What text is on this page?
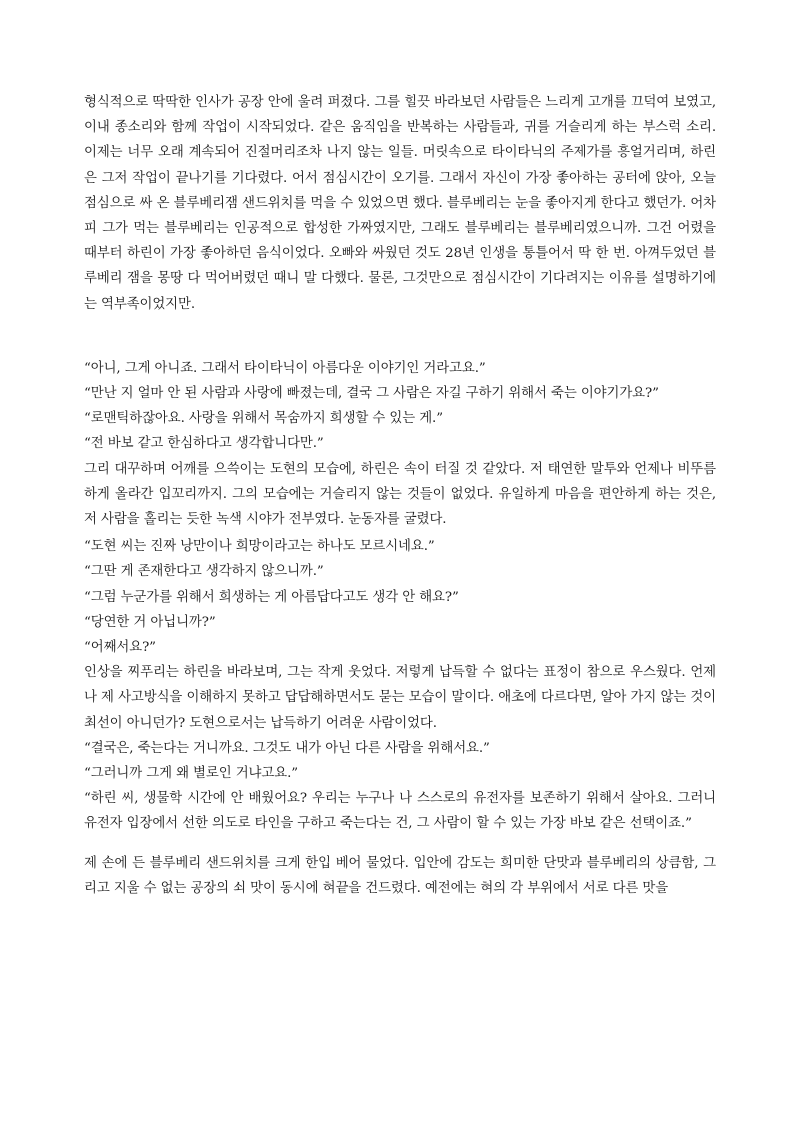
형식적으로 딱딱한 인사가 공장 안에 울려 퍼졌다. 그를 힐끗 바라보던 사람들은 느리게 고개를 끄덕여 보였고, 이내 종소리와 함께 작업이 시작되었다. 같은 움직임을 반복하는 사람들과, 귀를 거슬리게 하는 부스럭 소리. 이제는 너무 오래 계속되어 진절머리조차 나지 않는 일들. 머릿속으로 타이타닉의 주제가를 흥얼거리며, 하린은 그저 작업이 끝나기를 기다렸다. 어서 점심시간이 오기를. 그래서 자신이 가장 좋아하는 공터에 앉아, 오늘 점심으로 싸 온 블루베리잼 샌드위치를 먹을 수 있었으면 했다. 블루베리는 눈을 좋아지게 한다고 했던가. 어차피 그가 먹는 블루베리는 인공적으로 합성한 가짜였지만, 그래도 블루베리는 블루베리였으니까. 그건 어렸을 때부터 하린이 가장 좋아하던 음식이었다. 오빠와 싸웠던 것도 28년 인생을 통틀어서 딱 한 번. 아껴두었던 블루베리 잼을 몽땅 다 먹어버렸던 때니 말 다했다. 물론, 그것만으로 점심시간이 기다려지는 이유를 설명하기에는 역부족이었지만.

“아니, 그게 아니죠. 그래서 타이타닉이 아름다운 이야기인 거라고요.”

“만난 지 얼마 안 된 사람과 사랑에 빠졌는데, 결국 그 사람은 자길 구하기 위해서 죽는 이야기가요?”

“로맨틱하잖아요. 사랑을 위해서 목숨까지 희생할 수 있는 게.”

“전 바보 같고 한심하다고 생각합니다만.”

그리 대꾸하며 어깨를 으쓱이는 도현의 모습에, 하린은 속이 터질 것 같았다. 저 태연한 말투와 언제나 비뚜름하게 올라간 입꼬리까지. 그의 모습에는 거슬리지 않는 것들이 없었다. 유일하게 마음을 편안하게 하는 것은, 저 사람을 홀리는 듯한 녹색 시야가 전부였다. 눈동자를 굴렸다.

“도현 씨는 진짜 낭만이나 희망이라고는 하나도 모르시네요.”

“그딴 게 존재한다고 생각하지 않으니까.”

“그럼 누군가를 위해서 희생하는 게 아름답다고도 생각 안 해요?”

“당연한 거 아닙니까?”

“어째서요?”

인상을 찌푸리는 하린을 바라보며, 그는 작게 웃었다. 저렇게 납득할 수 없다는 표정이 참으로 우스웠다. 언제나 제 사고방식을 이해하지 못하고 답답해하면서도 묻는 모습이 말이다. 애초에 다르다면, 알아 가지 않는 것이 최선이 아니던가? 도현으로서는 납득하기 어려운 사람이었다.

“결국은, 죽는다는 거니까요. 그것도 내가 아닌 다른 사람을 위해서요.”

“그러니까 그게 왜 별로인 거냐고요.”

“하린 씨, 생물학 시간에 안 배웠어요? 우리는 누구나 나 스스로의 유전자를 보존하기 위해서 살아요. 그러니 유전자 입장에서 선한 의도로 타인을 구하고 죽는다는 건, 그 사람이 할 수 있는 가장 바보 같은 선택이죠.”

제 손에 든 블루베리 샌드위치를 크게 한입 베어 물었다. 입안에 감도는 희미한 단맛과 블루베리의 상큼함, 그리고 지울 수 없는 공장의 쇠 맛이 동시에 혀끝을 건드렸다. 예전에는 혀의 각 부위에서 서로 다른 맛을
